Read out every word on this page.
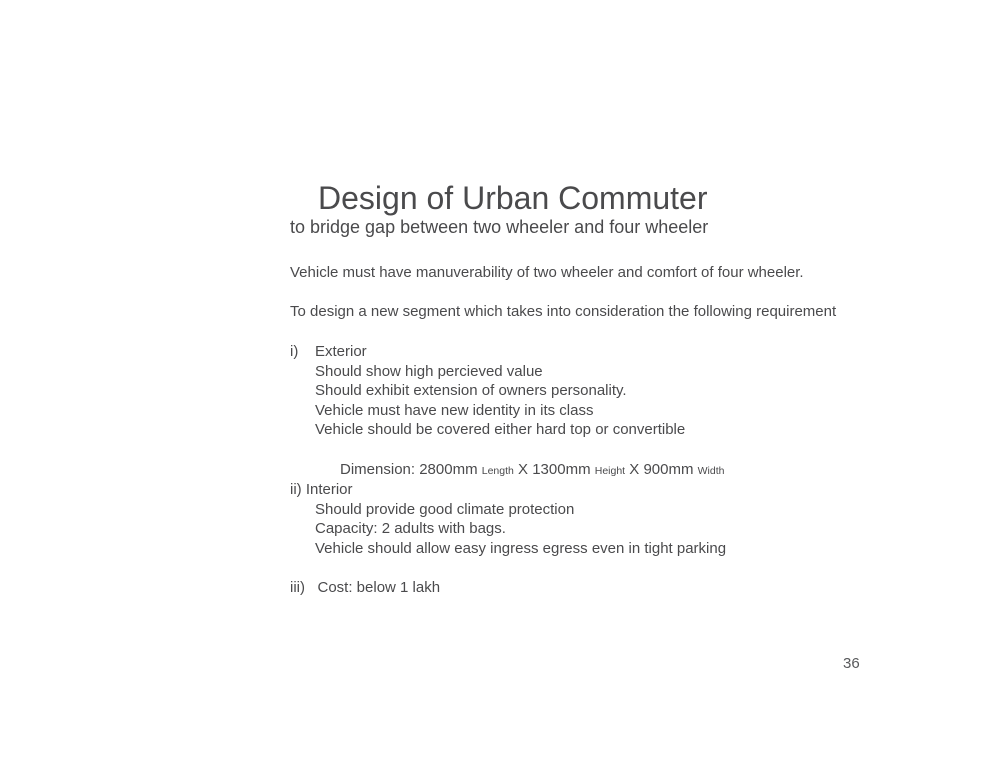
Design of Urban Commuter
to bridge gap between two wheeler and four wheeler

Vehicle must have manuverability of two wheeler and comfort of four wheeler.

To design a new segment which takes into consideration the following requirement

i)    Exterior
Should show high percieved value
Should exhibit extension of owners personality.
Vehicle must have new identity in its class
Vehicle should be covered either hard top or convertible

Dimension: 2800mm Length X 1300mm Height X 900mm Width

ii) Interior
Should provide good climate protection
Capacity: 2 adults with bags.
Vehicle should allow easy ingress egress even in tight parking
iii)   Cost: below 1 lakh
36
